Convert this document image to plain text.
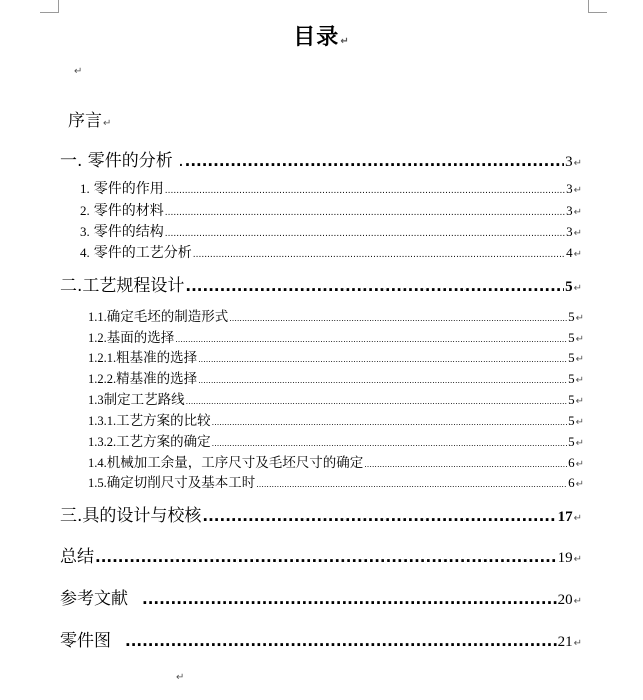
目录↵
↵
序言↵
一. 零件的分析 . .....	3 ↵
1. 零件的作用 .....	3 ↵
2. 零件的材料 .....	3 ↵
3. 零件的结构 .....	3 ↵
4. 零件的工艺分析 .....	4 ↵
二.工艺规程设计 .....	5 ↵
1.1. 确定毛坯的制造形式 .....	5 ↵
1.2. 基面的选择 .....	5 ↵
1.2.1. 粗基准的选择 .....	5 ↵
1.2.2. 精基准的选择 .....	5 ↵
1.3 制定工艺路线 .....	5 ↵
1.3.1. 工艺方案的比较 .....	5 ↵
1.3.2. 工艺方案的确定 .....	5 ↵
1.4. 机械加工余量，工序尺寸及毛坯尺寸的确定 .....	6 ↵
1.5. 确定切削尺寸及基本工时 .....	6 ↵
三.具的设计与校核 .....	17 ↵
总结 .....	19 ↵
参考文献 .....	20 ↵
零件图 .....	21 ↵
↵
